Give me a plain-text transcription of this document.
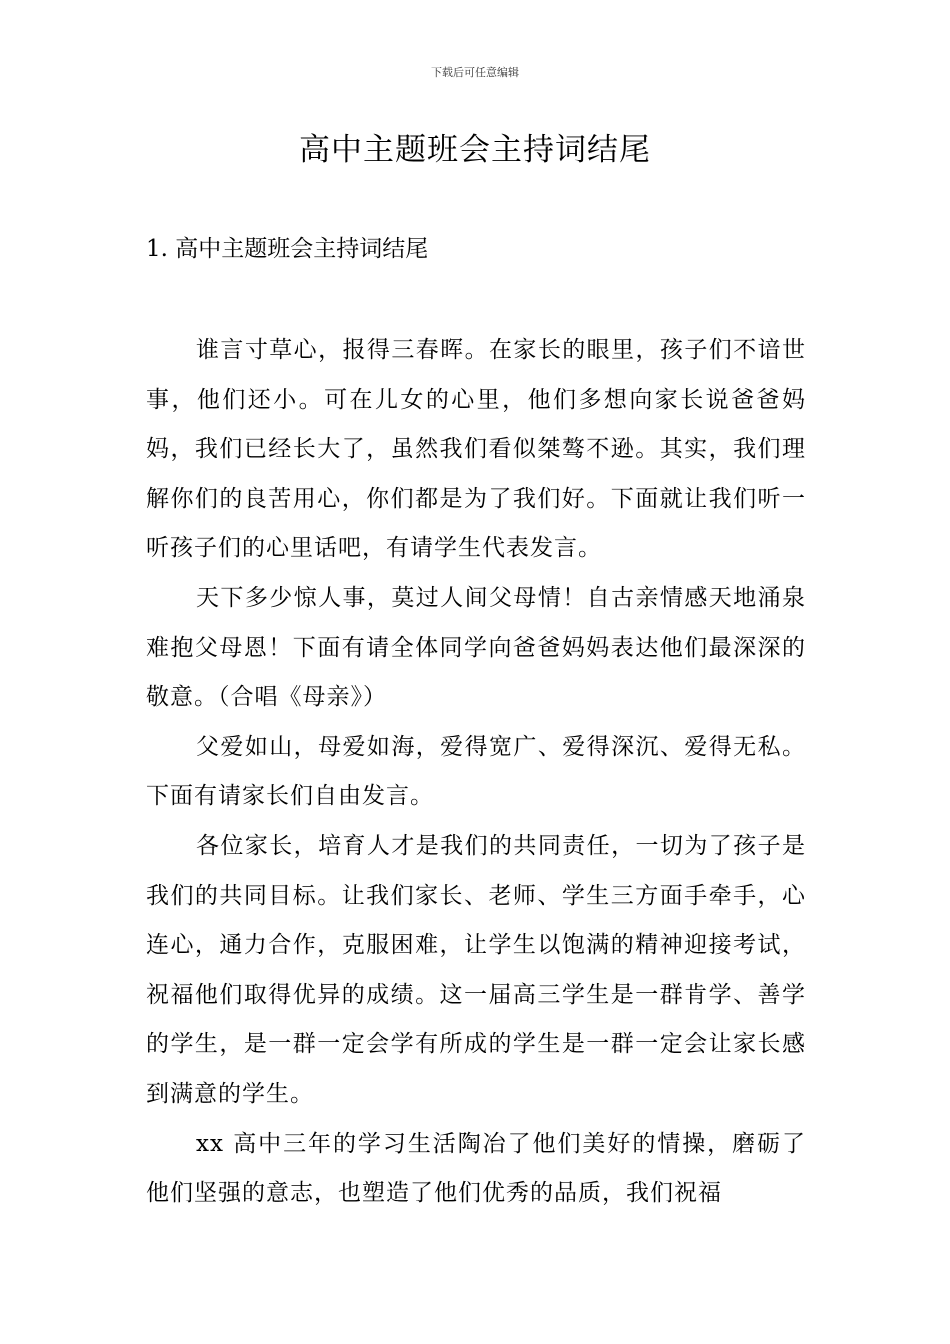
下载后可任意编辑
高中主题班会主持词结尾
1. 高中主题班会主持词结尾

谁言寸草心，报得三春晖。在家长的眼里，孩子们不谙世事，他们还小。可在儿女的心里，他们多想向家长说爸爸妈妈，我们已经长大了，虽然我们看似桀骜不逊。其实，我们理解你们的良苦用心，你们都是为了我们好。下面就让我们听一听孩子们的心里话吧，有请学生代表发言。

天下多少惊人事，莫过人间父母情！自古亲情感天地涌泉难抱父母恩！下面有请全体同学向爸爸妈妈表达他们最深深的敬意。（合唱《母亲》）

父爱如山，母爱如海，爱得宽广、爱得深沉、爱得无私。下面有请家长们自由发言。

各位家长，培育人才是我们的共同责任，一切为了孩子是我们的共同目标。让我们家长、老师、学生三方面手牵手，心连心，通力合作，克服困难，让学生以饱满的精神迎接考试，祝福他们取得优异的成绩。这一届高三学生是一群肯学、善学的学生，是一群一定会学有所成的学生是一群一定会让家长感到满意的学生。

xx 高中三年的学习生活陶冶了他们美好的情操，磨砺了他们坚强的意志，也塑造了他们优秀的品质，我们祝福
